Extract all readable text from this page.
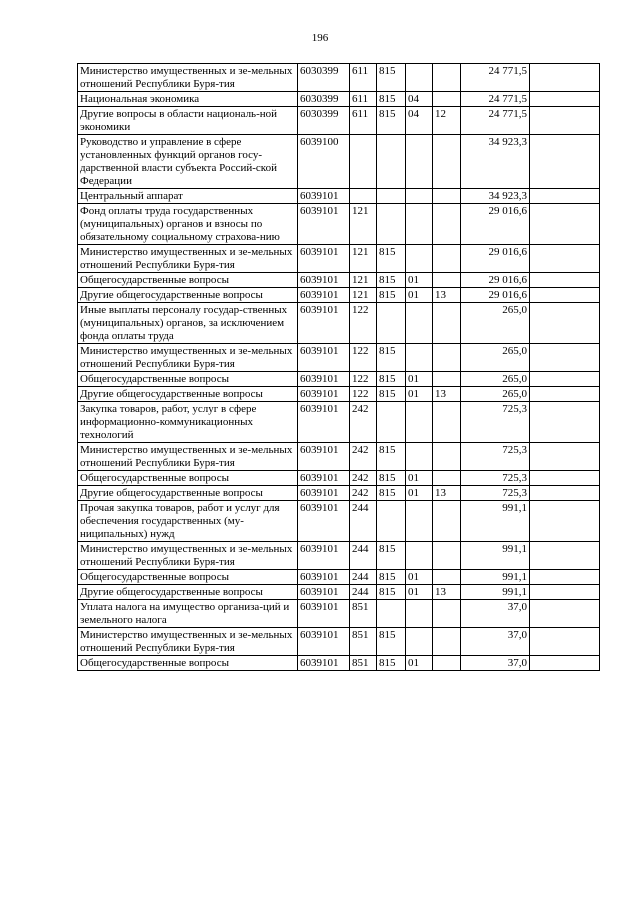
196
Министерство имущественных и зе-мельных отношений Республики Буря-тия	6030399	611	815			24 771,5	
Национальная экономика	6030399	611	815	04		24 771,5	
Другие вопросы в области националь-ной экономики	6030399	611	815	04	12	24 771,5	
Руководство и управление в сфере установленных функций органов госу-дарственной власти субъекта Россий-ской Федерации	6039100					34 923,3	
Центральный аппарат	6039101					34 923,3	
Фонд оплаты труда государственных (муниципальных) органов и взносы по обязательному социальному страхова-нию	6039101	121				29 016,6	
Министерство имущественных и зе-мельных отношений Республики Буря-тия	6039101	121	815			29 016,6	
Общегосударственные вопросы	6039101	121	815	01		29 016,6	
Другие общегосударственные вопросы	6039101	121	815	01	13	29 016,6	
Иные выплаты персоналу государ-ственных (муниципальных) органов, за исключением фонда оплаты труда	6039101	122				265,0	
Министерство имущественных и зе-мельных отношений Республики Буря-тия	6039101	122	815			265,0	
Общегосударственные вопросы	6039101	122	815	01		265,0	
Другие общегосударственные вопросы	6039101	122	815	01	13	265,0	
Закупка товаров, работ, услуг в сфере информационно-коммуникационных технологий	6039101	242				725,3	
Министерство имущественных и зе-мельных отношений Республики Буря-тия	6039101	242	815			725,3	
Общегосударственные вопросы	6039101	242	815	01		725,3	
Другие общегосударственные вопросы	6039101	242	815	01	13	725,3	
Прочая закупка товаров, работ и услуг для обеспечения государственных (му-ниципальных) нужд	6039101	244				991,1	
Министерство имущественных и зе-мельных отношений Республики Буря-тия	6039101	244	815			991,1	
Общегосударственные вопросы	6039101	244	815	01		991,1	
Другие общегосударственные вопросы	6039101	244	815	01	13	991,1	
Уплата налога на имущество организа-ций и земельного налога	6039101	851				37,0	
Министерство имущественных и зе-мельных отношений Республики Буря-тия	6039101	851	815			37,0	
Общегосударственные вопросы	6039101	851	815	01		37,0	
